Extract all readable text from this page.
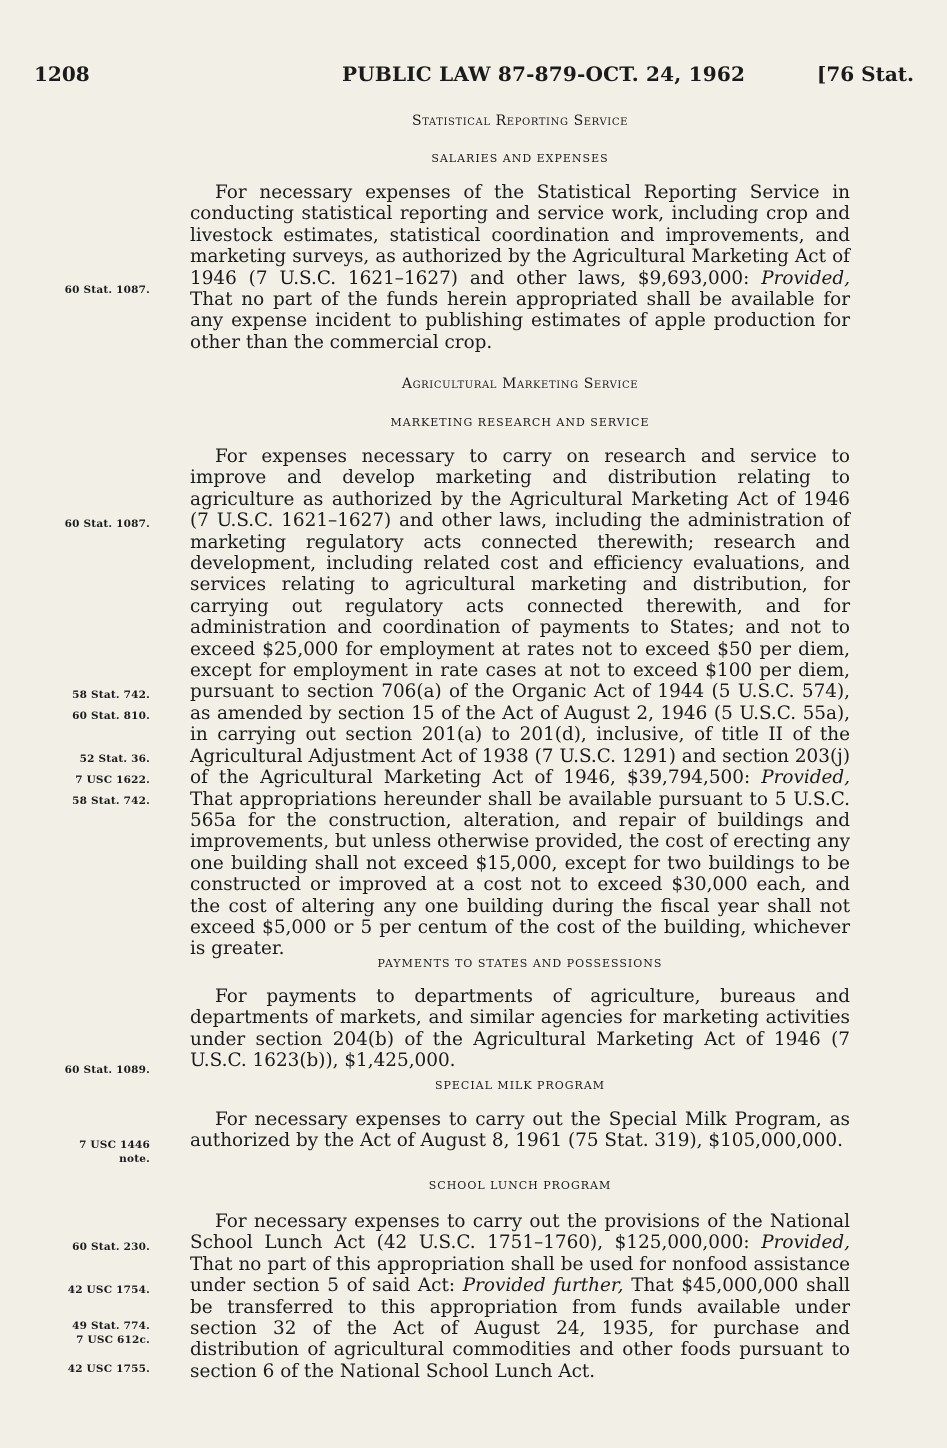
1208	PUBLIC LAW 87-879-OCT. 24, 1962	[76 Stat.
Statistical Reporting Service
SALARIES AND EXPENSES

For necessary expenses of the Statistical Reporting Service in conducting statistical reporting and service work, including crop and livestock estimates, statistical coordination and improvements, and marketing surveys, as authorized by the Agricultural Marketing Act of 1946 (7 U.S.C. 1621–1627) and other laws, $9,693,000: Provided, That no part of the funds herein appropriated shall be available for any expense incident to publishing estimates of apple production for other than the commercial crop.

Agricultural Marketing Service
MARKETING RESEARCH AND SERVICE

For expenses necessary to carry on research and service to improve and develop marketing and distribution relating to agriculture as authorized by the Agricultural Marketing Act of 1946 (7 U.S.C. 1621–1627) and other laws, including the administration of marketing regulatory acts connected therewith; research and development, including related cost and efficiency evaluations, and services relating to agricultural marketing and distribution, for carrying out regulatory acts connected therewith, and for administration and coordination of payments to States; and not to exceed $25,000 for employment at rates not to exceed $50 per diem, except for employment in rate cases at not to exceed $100 per diem, pursuant to section 706(a) of the Organic Act of 1944 (5 U.S.C. 574), as amended by section 15 of the Act of August 2, 1946 (5 U.S.C. 55a), in carrying out section 201(a) to 201(d), inclusive, of title II of the Agricultural Adjustment Act of 1938 (7 U.S.C. 1291) and section 203(j) of the Agricultural Marketing Act of 1946, $39,794,500: Provided, That appropriations hereunder shall be available pursuant to 5 U.S.C. 565a for the construction, alteration, and repair of buildings and improvements, but unless otherwise provided, the cost of erecting any one building shall not exceed $15,000, except for two buildings to be constructed or improved at a cost not to exceed $30,000 each, and the cost of altering any one building during the fiscal year shall not exceed $5,000 or 5 per centum of the cost of the building, whichever is greater.

PAYMENTS TO STATES AND POSSESSIONS

For payments to departments of agriculture, bureaus and departments of markets, and similar agencies for marketing activities under section 204(b) of the Agricultural Marketing Act of 1946 (7 U.S.C. 1623(b)), $1,425,000.

SPECIAL MILK PROGRAM

For necessary expenses to carry out the Special Milk Program, as authorized by the Act of August 8, 1961 (75 Stat. 319), $105,000,000.

SCHOOL LUNCH PROGRAM

For necessary expenses to carry out the provisions of the National School Lunch Act (42 U.S.C. 1751–1760), $125,000,000: Provided, That no part of this appropriation shall be used for nonfood assistance under section 5 of said Act: Provided further, That $45,000,000 shall be transferred to this appropriation from funds available under section 32 of the Act of August 24, 1935, for purchase and distribution of agricultural commodities and other foods pursuant to section 6 of the National School Lunch Act.

60 Stat. 1087.
60 Stat. 1087.
58 Stat. 742.
60 Stat. 810.
52 Stat. 36.
7 USC 1622.
58 Stat. 742.
60 Stat. 1089.
7 USC 1446
note.
60 Stat. 230.
42 USC 1754.
49 Stat. 774.
7 USC 612c.
42 USC 1755.
